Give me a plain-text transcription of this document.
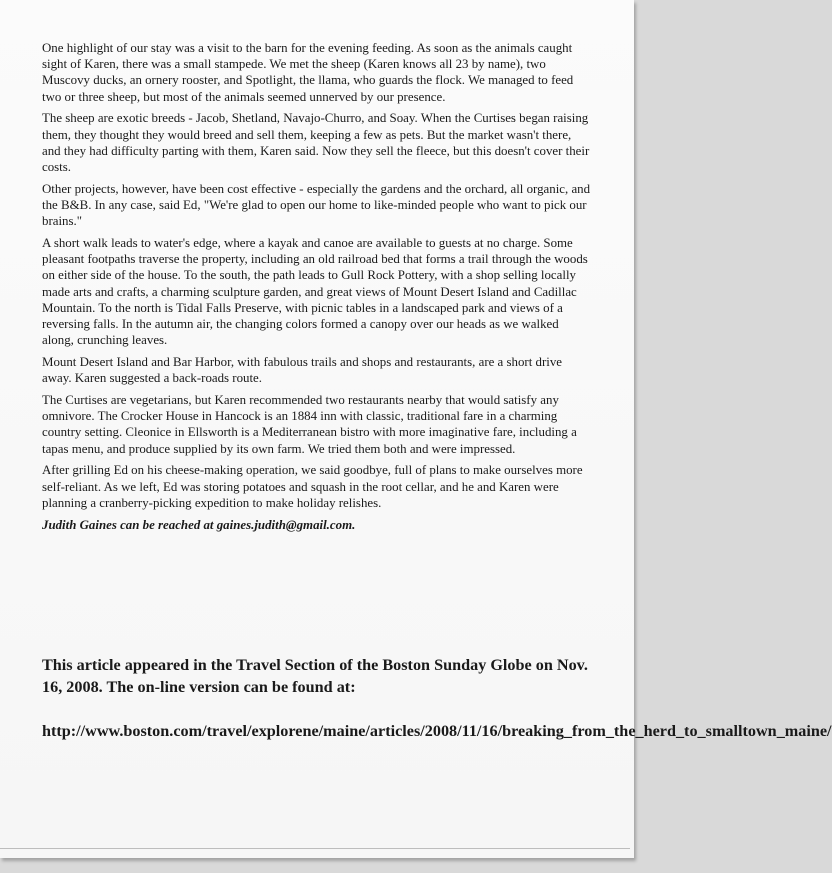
One highlight of our stay was a visit to the barn for the evening feeding. As soon as the animals caught sight of Karen, there was a small stampede. We met the sheep (Karen knows all 23 by name), two Muscovy ducks, an ornery rooster, and Spotlight, the llama, who guards the flock. We managed to feed two or three sheep, but most of the animals seemed unnerved by our presence.

The sheep are exotic breeds - Jacob, Shetland, Navajo-Churro, and Soay. When the Curtises began raising them, they thought they would breed and sell them, keeping a few as pets. But the market wasn't there, and they had difficulty parting with them, Karen said. Now they sell the fleece, but this doesn't cover their costs.

Other projects, however, have been cost effective - especially the gardens and the orchard, all organic, and the B&B. In any case, said Ed, "We're glad to open our home to like-minded people who want to pick our brains."

A short walk leads to water's edge, where a kayak and canoe are available to guests at no charge. Some pleasant footpaths traverse the property, including an old railroad bed that forms a trail through the woods on either side of the house. To the south, the path leads to Gull Rock Pottery, with a shop selling locally made arts and crafts, a charming sculpture garden, and great views of Mount Desert Island and Cadillac Mountain. To the north is Tidal Falls Preserve, with picnic tables in a landscaped park and views of a reversing falls. In the autumn air, the changing colors formed a canopy over our heads as we walked along, crunching leaves.

Mount Desert Island and Bar Harbor, with fabulous trails and shops and restaurants, are a short drive away. Karen suggested a back-roads route.

The Curtises are vegetarians, but Karen recommended two restaurants nearby that would satisfy any omnivore. The Crocker House in Hancock is an 1884 inn with classic, traditional fare in a charming country setting. Cleonice in Ellsworth is a Mediterranean bistro with more imaginative fare, including a tapas menu, and produce supplied by its own farm. We tried them both and were impressed.

After grilling Ed on his cheese-making operation, we said goodbye, full of plans to make ourselves more self-reliant. As we left, Ed was storing potatoes and squash in the root cellar, and he and Karen were planning a cranberry-picking expedition to make holiday relishes.

Judith Gaines can be reached at gaines.judith@gmail.com.

This article appeared in the Travel Section of the Boston Sunday Globe on Nov. 16, 2008. The on-line version can be found at:

http://www.boston.com/travel/explorene/maine/articles/2008/11/16/breaking_from_the_herd_to_smalltown_maine/
